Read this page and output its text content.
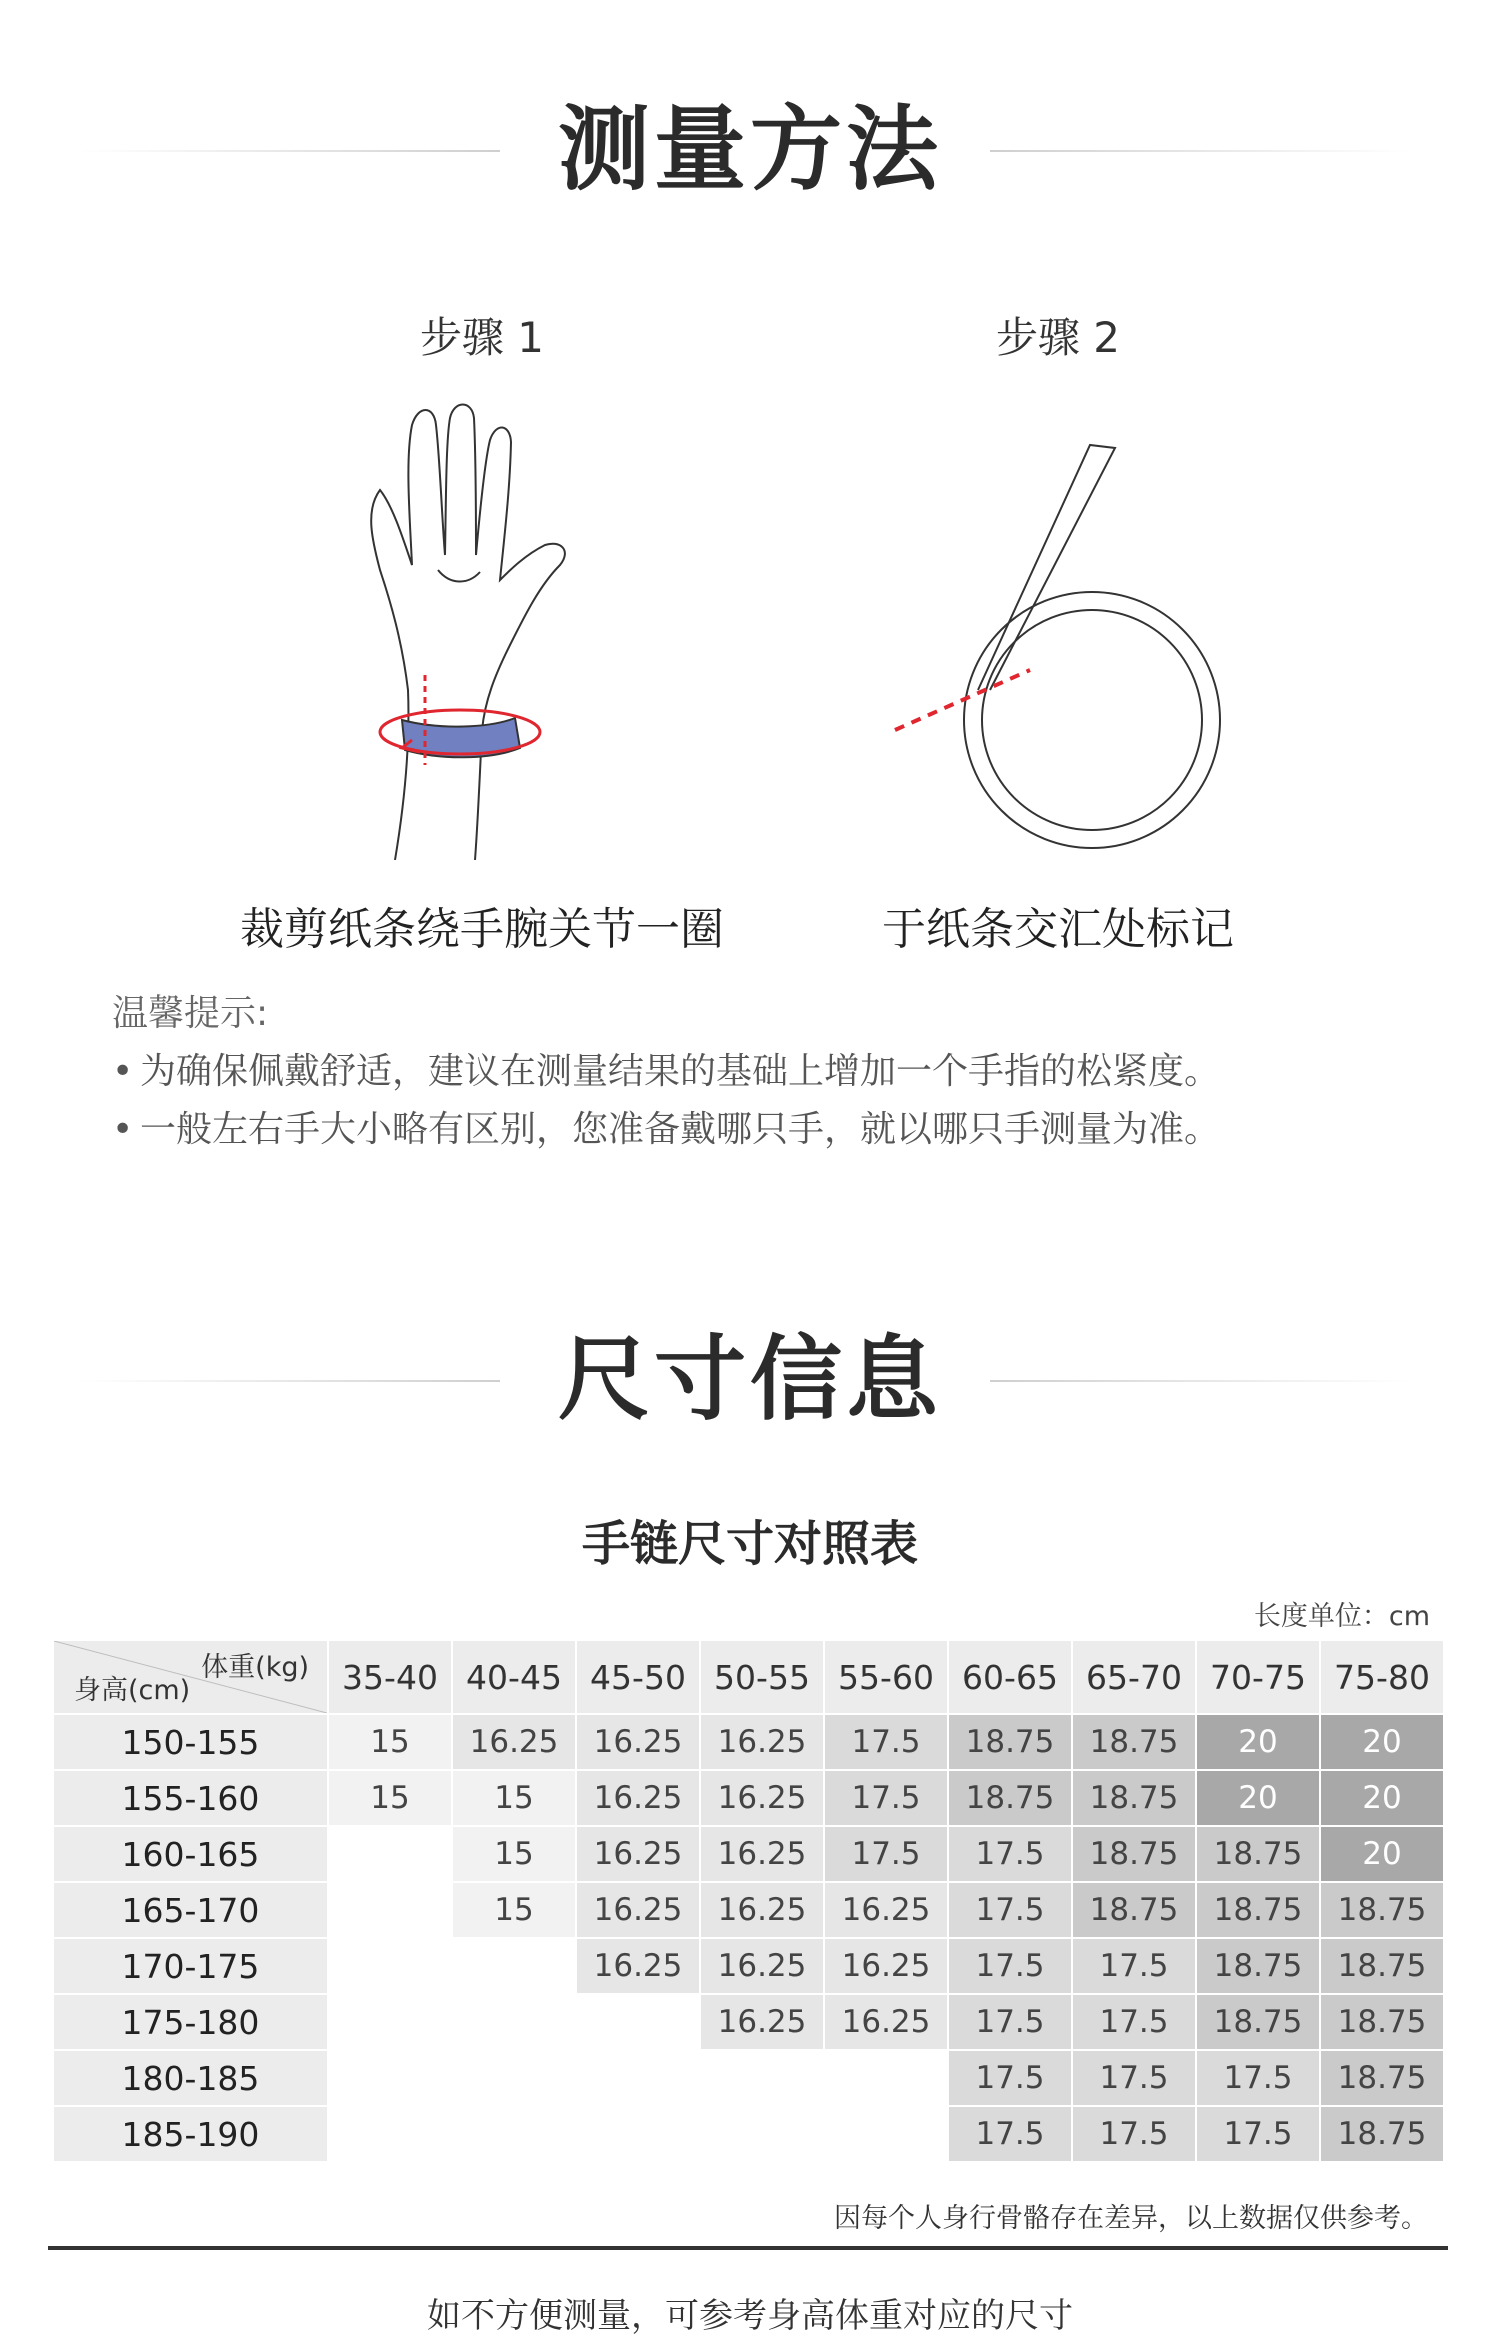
测量方法
步骤 1	步骤 2
裁剪纸条绕手腕关节一圈	于纸条交汇处标记
温馨提示:
• 为确保佩戴舒适，建议在测量结果的基础上增加一个手指的松紧度。
• 一般左右手大小略有区别，您准备戴哪只手，就以哪只手测量为准。
尺寸信息
手链尺寸对照表
长度单位：cm
体重(kg)
身高(cm)	35-40	40-45	45-50	50-55	55-60	60-65	65-70	70-75	75-80
150-155	15	16.25	16.25	16.25	17.5	18.75	18.75	20	20
155-160	15	15	16.25	16.25	17.5	18.75	18.75	20	20
160-165		15	16.25	16.25	17.5	17.5	18.75	18.75	20
165-170		15	16.25	16.25	16.25	17.5	18.75	18.75	18.75
170-175			16.25	16.25	16.25	17.5	17.5	18.75	18.75
175-180				16.25	16.25	17.5	17.5	18.75	18.75
180-185						17.5	17.5	17.5	18.75
185-190						17.5	17.5	17.5	18.75
因每个人身行骨骼存在差异，以上数据仅供参考。
如不方便测量，可参考身高体重对应的尺寸
